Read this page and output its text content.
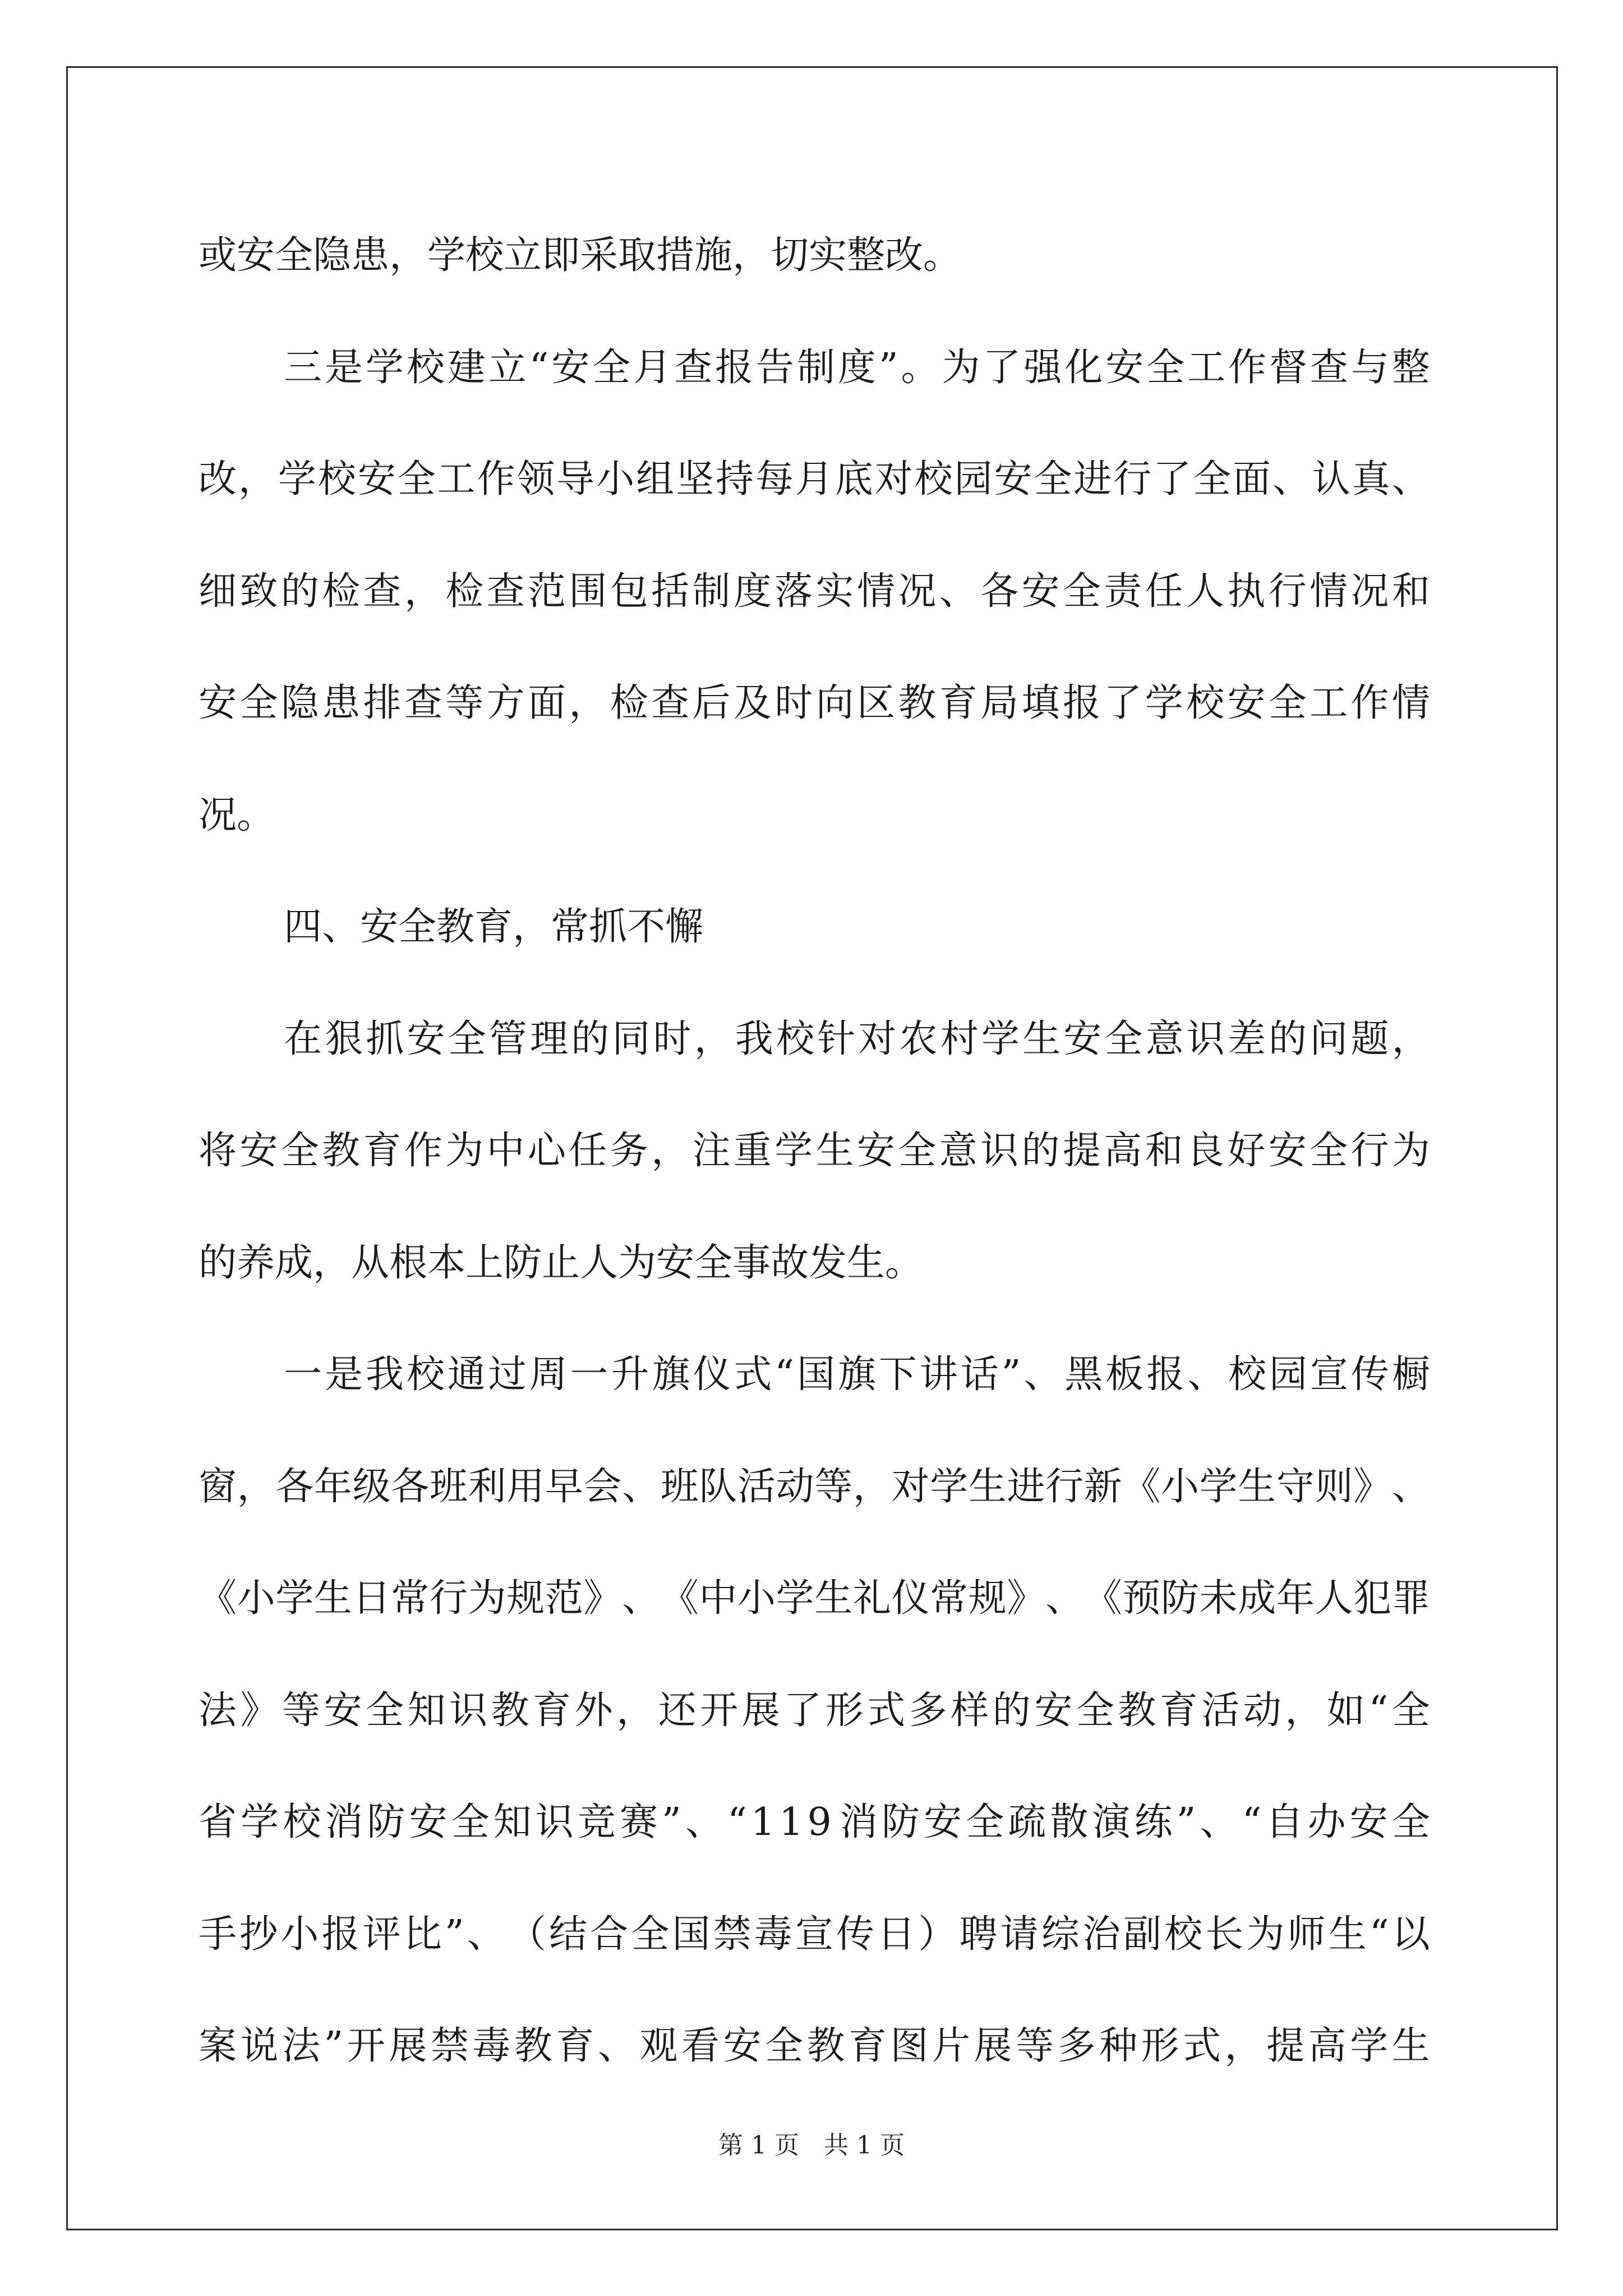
或安全隐患，学校立即采取措施，切实整改。
三 是 学 校 建 立 “ 安 全 月 查 报 告 制 度 ” 。 为 了 强 化 安 全 工 作 督 查 与 整
改 ， 学 校 安 全 工 作 领 导 小 组 坚 持 每 月 底 对 校 园 安 全 进 行 了 全 面 、 认 真 、
细 致 的 检 查 ， 检 查 范 围 包 括 制 度 落 实 情 况 、 各 安 全 责 任 人 执 行 情 况 和
安 全 隐 患 排 查 等 方 面 ， 检 查 后 及 时 向 区 教 育 局 填 报 了 学 校 安 全 工 作 情
况。
四、安全教育，常抓不懈
在 狠 抓 安 全 管 理 的 同 时 ， 我 校 针 对 农 村 学 生 安 全 意 识 差 的 问 题 ，
将 安 全 教 育 作 为 中 心 任 务 ， 注 重 学 生 安 全 意 识 的 提 高 和 良 好 安 全 行 为
的养成，从根本上防止人为安全事故发生。
一 是 我 校 通 过 周 一 升 旗 仪 式 “ 国 旗 下 讲 话 ” 、 黑 板 报 、 校 园 宣 传 橱
窗 ， 各 年 级 各 班 利 用 早 会 、 班 队 活 动 等 ， 对 学 生 进 行 新 《 小 学 生 守 则 》 、
《 小 学 生 日 常 行 为 规 范 》 、 《 中 小 学 生 礼 仪 常 规 》 、 《 预 防 未 成 年 人 犯 罪
法 》 等 安 全 知 识 教 育 外 ， 还 开 展 了 形 式 多 样 的 安 全 教 育 活 动 ， 如 “ 全
省 学 校 消 防 安 全 知 识 竞 赛 ” 、 “ 1 1 9 消 防 安 全 疏 散 演 练 ” 、 “ 自 办 安 全
手 抄 小 报 评 比 ” 、 （ 结 合 全 国 禁 毒 宣 传 日 ） 聘 请 综 治 副 校 长 为 师 生 “ 以
案 说 法 ” 开 展 禁 毒 教 育 、 观 看 安 全 教 育 图 片 展 等 多 种 形 式 ， 提 高 学 生
第 1 页　共 1 页
